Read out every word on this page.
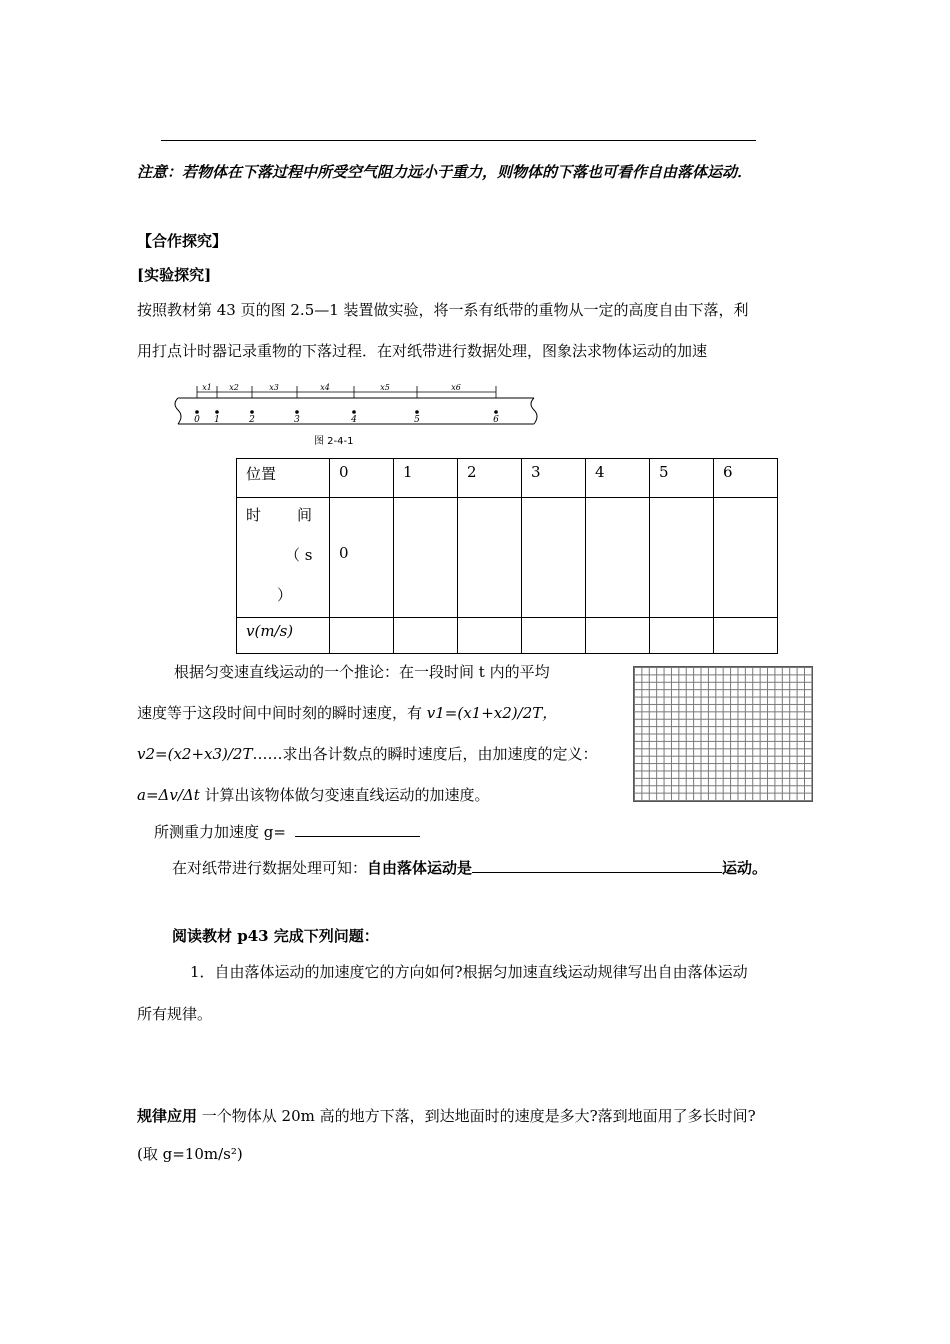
注意：若物体在下落过程中所受空气阻力远小于重力，则物体的下落也可看作自由落体运动．
【合作探究】
[实验探究]
按照教材第 43 页的图 2.5—1 装置做实验，将一系有纸带的重物从一定的高度自由下落，利
用打点计时器记录重物的下落过程．在对纸带进行数据处理，图象法求物体运动的加速
x1 x2	x3	x4	x5	x6
0 1	2	3	4	5	6
图 2-4-1
位置	0	1	2	3	4	5	6

时 间
（ s
）	0						
v(m/s)							
根据匀变速直线运动的一个推论：在一段时间 t 内的平均
速度等于这段时间中间时刻的瞬时速度，有 v1=(x1+x2)/2T，
v2=(x2+x3)/2T……求出各计数点的瞬时速度后，由加速度的定义：
a=Δv/Δt 计算出该物体做匀变速直线运动的加速度。
所测重力加速度 g=
在对纸带进行数据处理可知：自由落体运动是	运动。
阅读教材 p43 完成下列问题：
1．自由落体运动的加速度它的方向如何?根据匀加速直线运动规律写出自由落体运动
所有规律。
规律应用 一个物体从 20m 高的地方下落，到达地面时的速度是多大?落到地面用了多长时间?
(取 g=10m/s²)
